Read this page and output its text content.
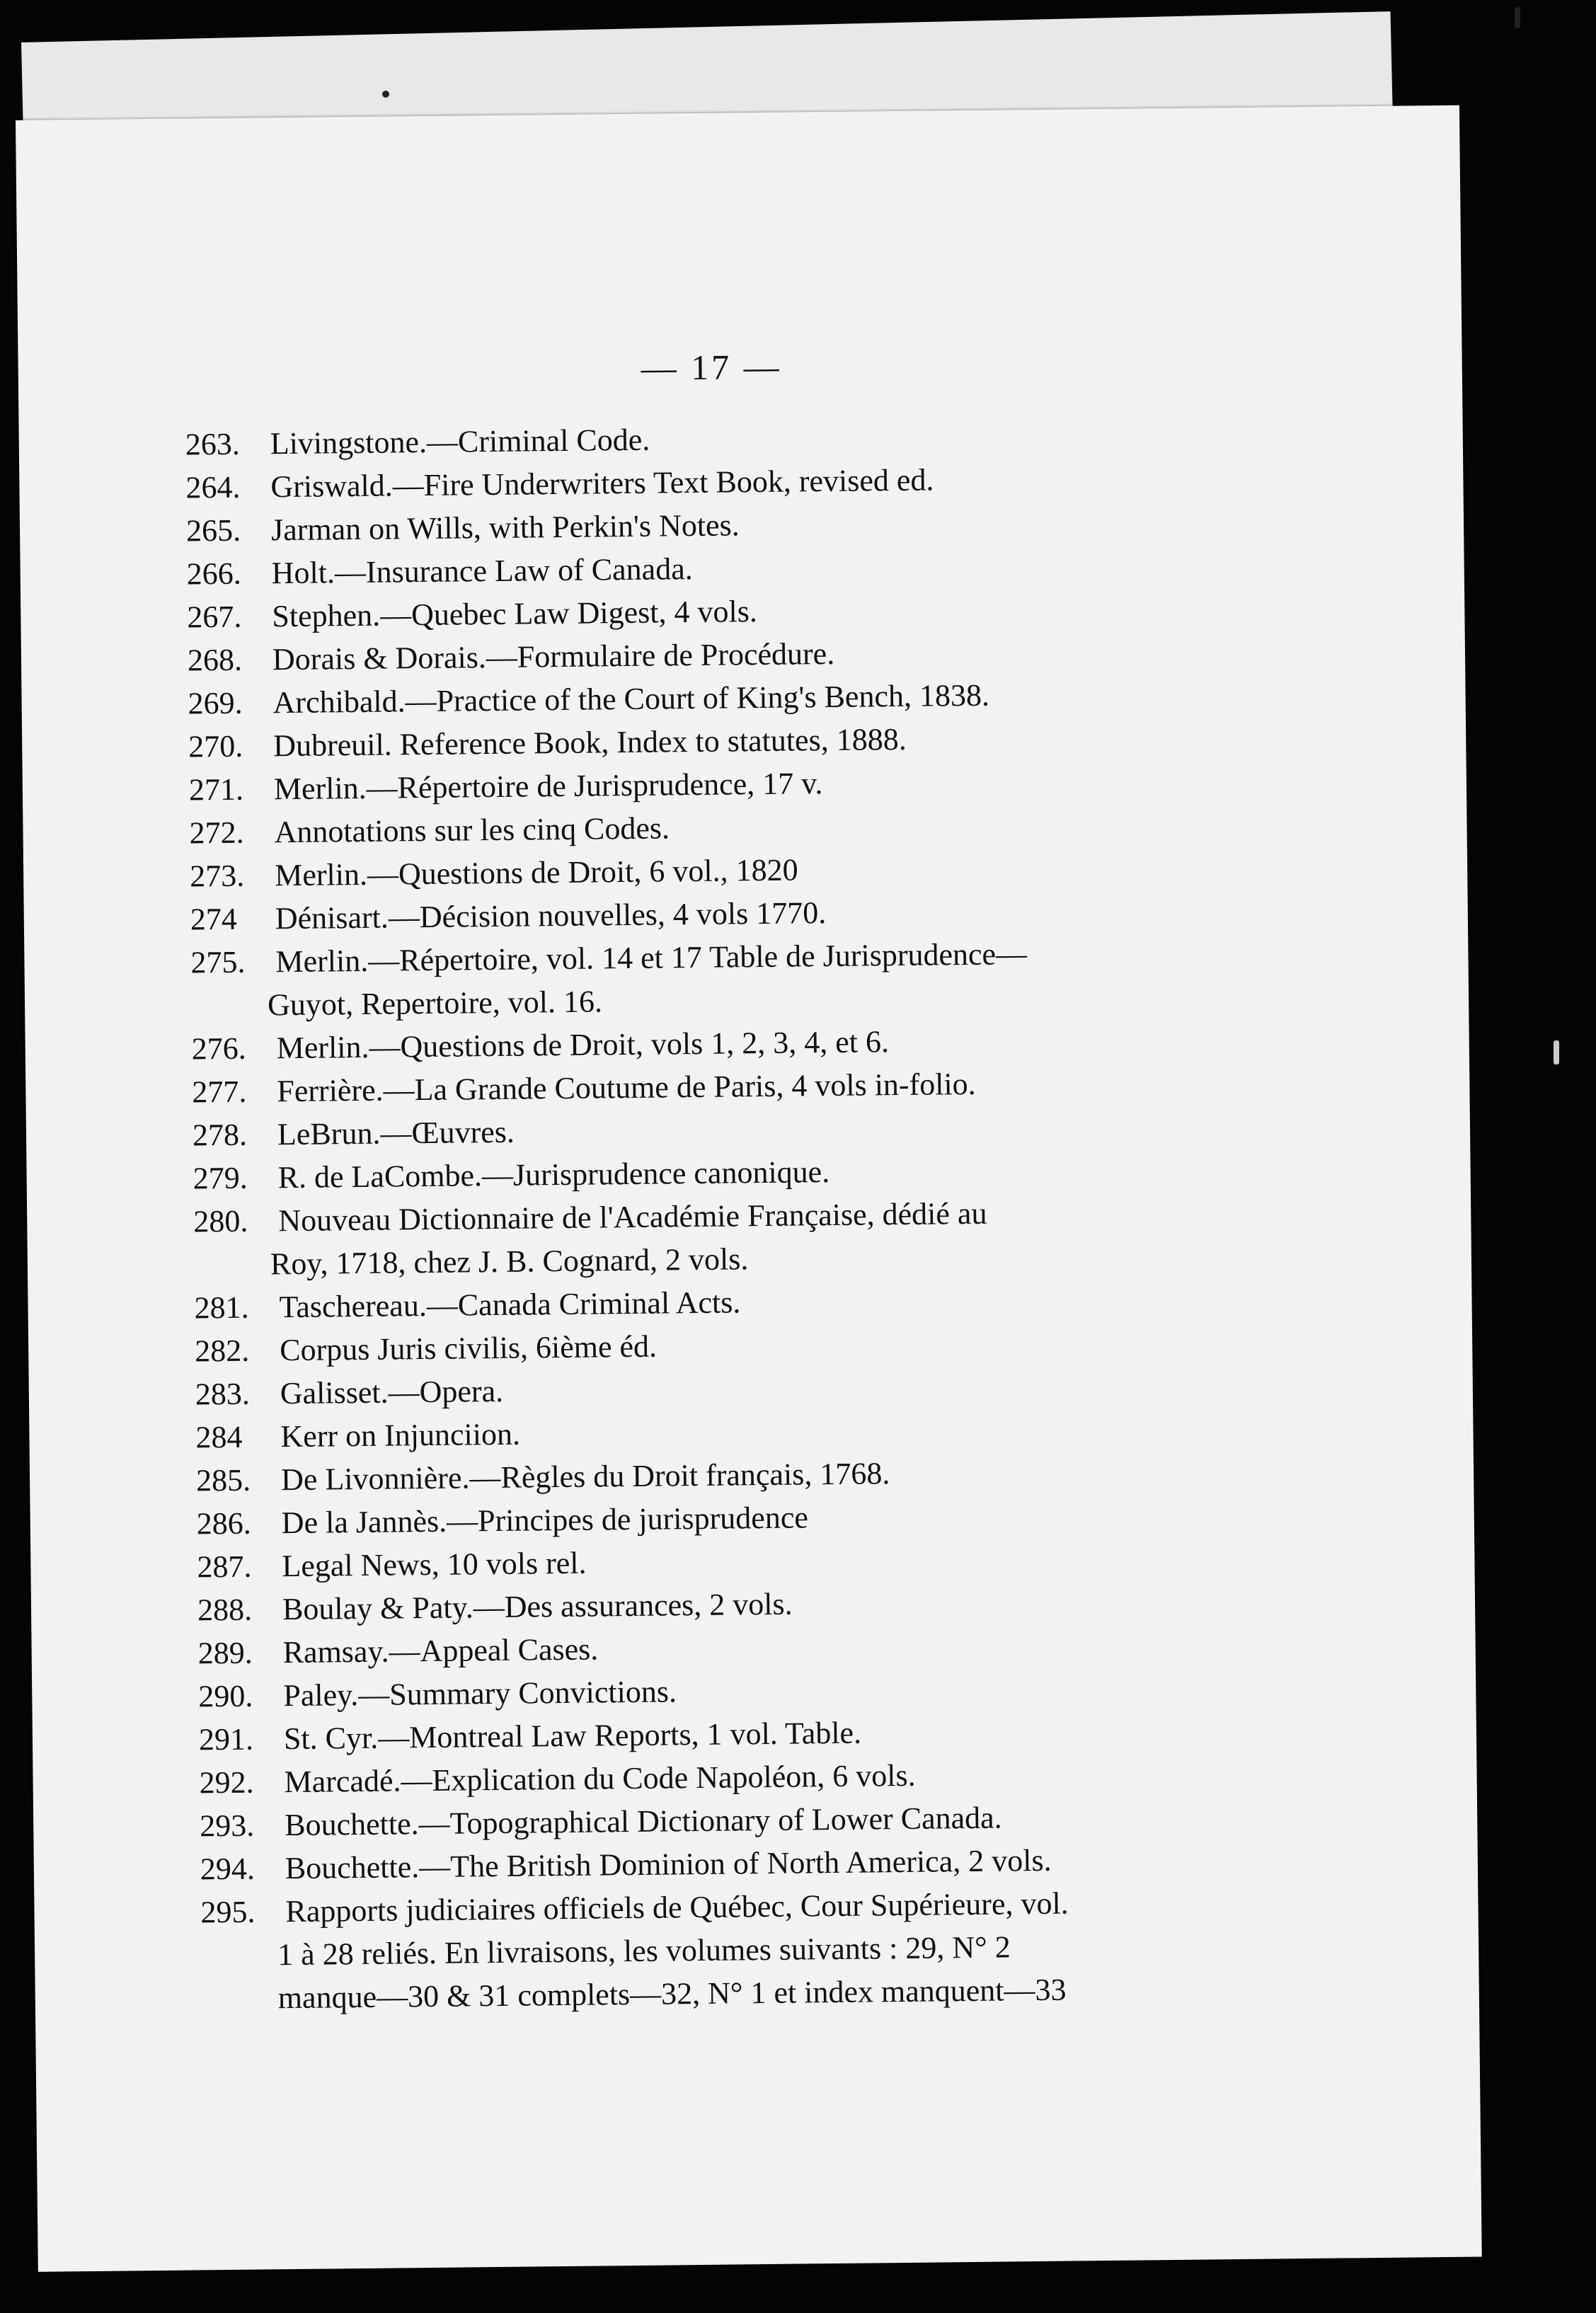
— 17 —
263. Livingstone.—Criminal Code.
264. Griswald.—Fire Underwriters Text Book, revised ed.
265. Jarman on Wills, with Perkin's Notes.
266. Holt.—Insurance Law of Canada.
267. Stephen.—Quebec Law Digest, 4 vols.
268. Dorais & Dorais.—Formulaire de Procédure.
269. Archibald.—Practice of the Court of King's Bench, 1838.
270. Dubreuil. Reference Book, Index to statutes, 1888.
271. Merlin.—Répertoire de Jurisprudence, 17 v.
272. Annotations sur les cinq Codes.
273. Merlin.—Questions de Droit, 6 vol., 1820
274	Dénisart.—Décision nouvelles, 4 vols 1770.
275. Merlin.—Répertoire, vol. 14 et 17 Table de Jurisprudence—
Guyot, Repertoire, vol. 16.
276. Merlin.—Questions de Droit, vols 1, 2, 3, 4, et 6.
277. Ferrière.—La Grande Coutume de Paris, 4 vols in-folio.
278. LeBrun.—Œuvres.
279. R. de LaCombe.—Jurisprudence canonique.
280. Nouveau Dictionnaire de l'Académie Française, dédié au
Roy, 1718, chez J. B. Cognard, 2 vols.
281. Taschereau.—Canada Criminal Acts.
282. Corpus Juris civilis, 6ième éd.
283. Galisset.—Opera.
284	Kerr on Injunciion.
285. De Livonnière.—Règles du Droit français, 1768.
286. De la Jannès.—Principes de jurisprudence
287. Legal News, 10 vols rel.
288. Boulay & Paty.—Des assurances, 2 vols.
289. Ramsay.—Appeal Cases.
290. Paley.—Summary Convictions.
291. St. Cyr.—Montreal Law Reports, 1 vol. Table.
292. Marcadé.—Explication du Code Napoléon, 6 vols.
293. Bouchette.—Topographical Dictionary of Lower Canada.
294. Bouchette.—The British Dominion of North America, 2 vols.
295. Rapports judiciaires officiels de Québec, Cour Supérieure, vol.
1 à 28 reliés. En livraisons, les volumes suivants : 29, N° 2
manque—30 & 31 complets—32, N° 1 et index manquent—33
